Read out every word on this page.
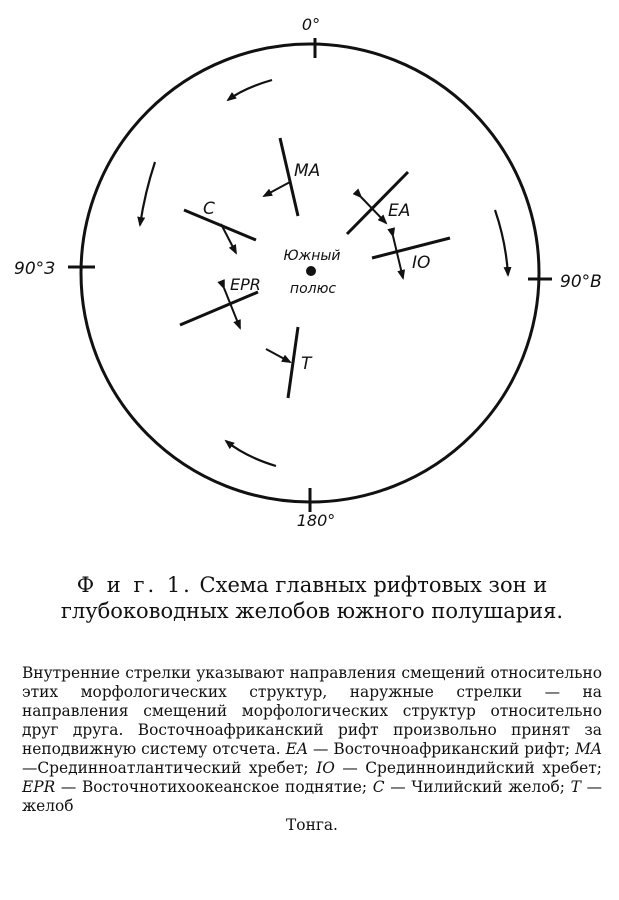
0°
180°
90°З
90°В
MA
C	EA
IO
Южный
полюс
EPR
T
Ф и г. 1. Схема главных рифтовых зон и глубоководных желобов южного полушария.

Внутренние стрелки указывают направления смещений относительно этих морфологических структур, наружные стрелки — на направления смещений морфологических структур относительно друг друга. Восточноафриканский рифт произвольно принят за неподвижную систему отсчета. EA — Восточноафриканский рифт; MA—Срединноатлантический хребет; IO — Срединноиндийский хребет; EPR — Восточнотихоокеанское поднятие; C — Чилийский желоб; T — желоб
Тонга.
